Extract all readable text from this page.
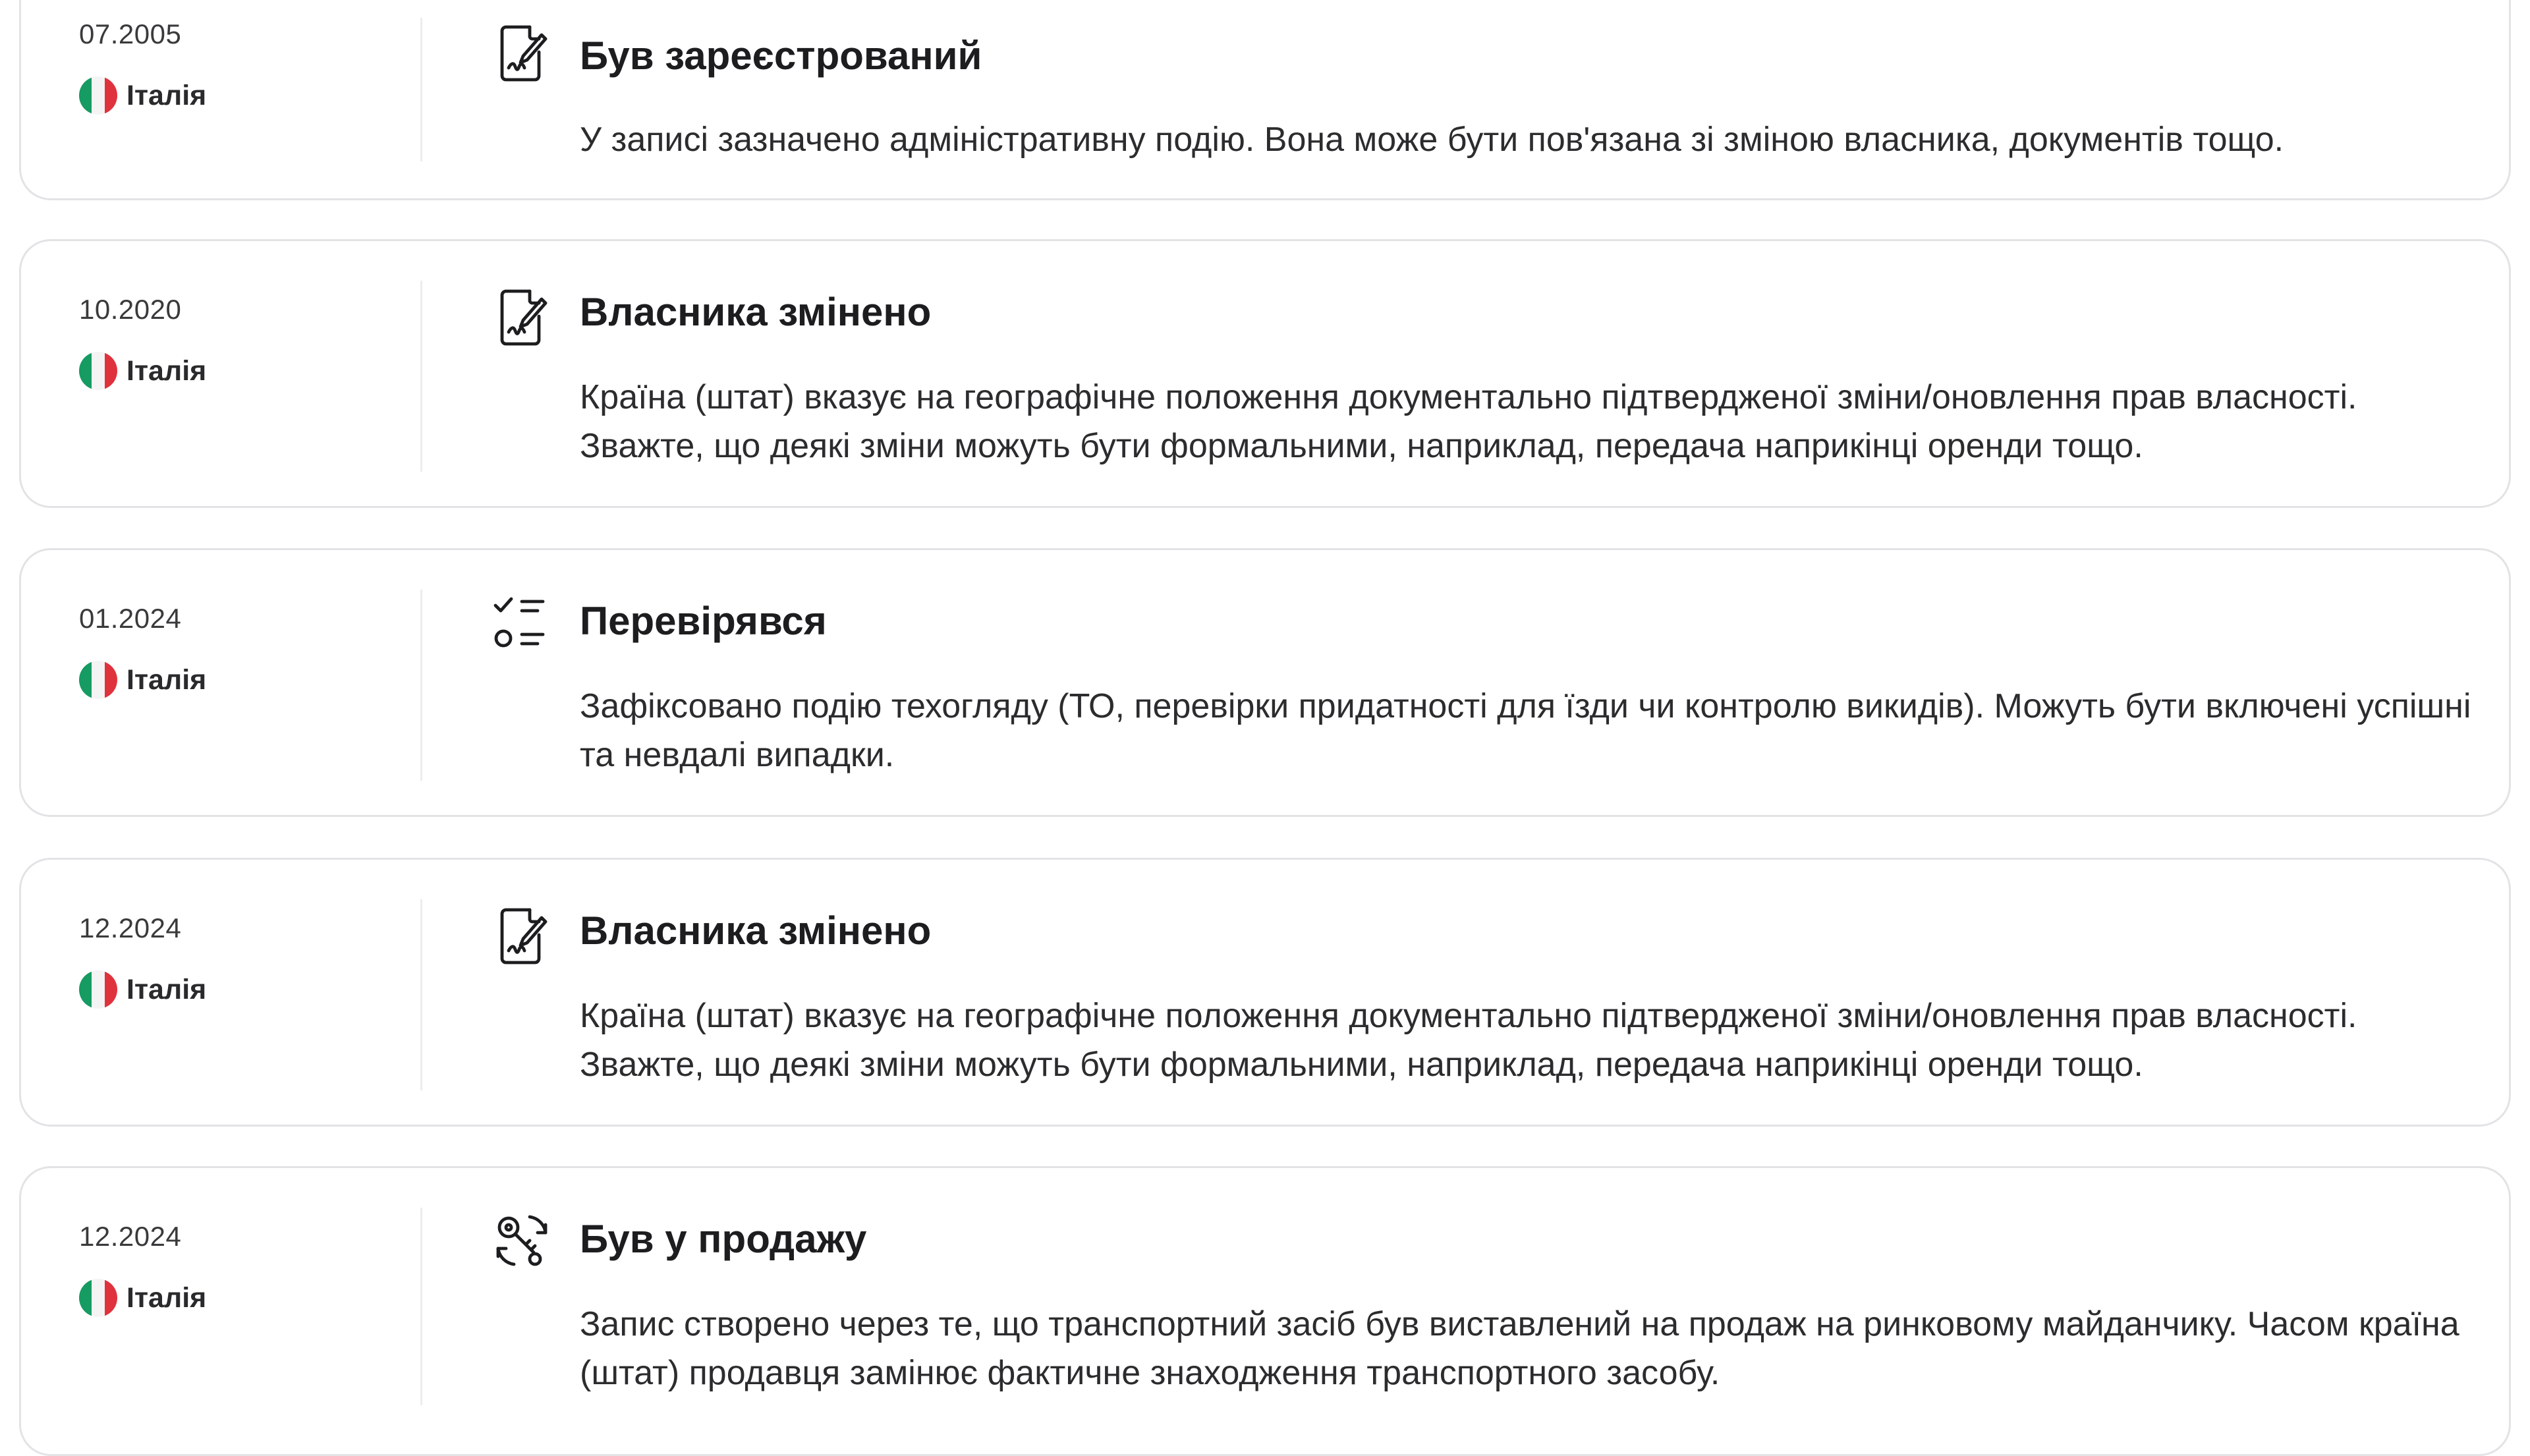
07.2005
Італія
Був зареєстрований
У записі зазначено адміністративну подію. Вона може бути пов'язана зі зміною власника, документів тощо.
10.2020
Італія
Власника змінено
Країна (штат) вказує на географічне положення документально підтвердженої зміни/оновлення прав власності. Зважте, що деякі зміни можуть бути формальними, наприклад, передача наприкінці оренди тощо.
01.2024
Італія
Перевірявся
Зафіксовано подію техогляду (ТО, перевірки придатності для їзди чи контролю викидів). Можуть бути включені успішні та невдалі випадки.
12.2024
Італія
Власника змінено
Країна (штат) вказує на географічне положення документально підтвердженої зміни/оновлення прав власності. Зважте, що деякі зміни можуть бути формальними, наприклад, передача наприкінці оренди тощо.
12.2024
Італія
Був у продажу
Запис створено через те, що транспортний засіб був виставлений на продаж на ринковому майданчику. Часом країна (штат) продавця замінює фактичне знаходження транспортного засобу.
